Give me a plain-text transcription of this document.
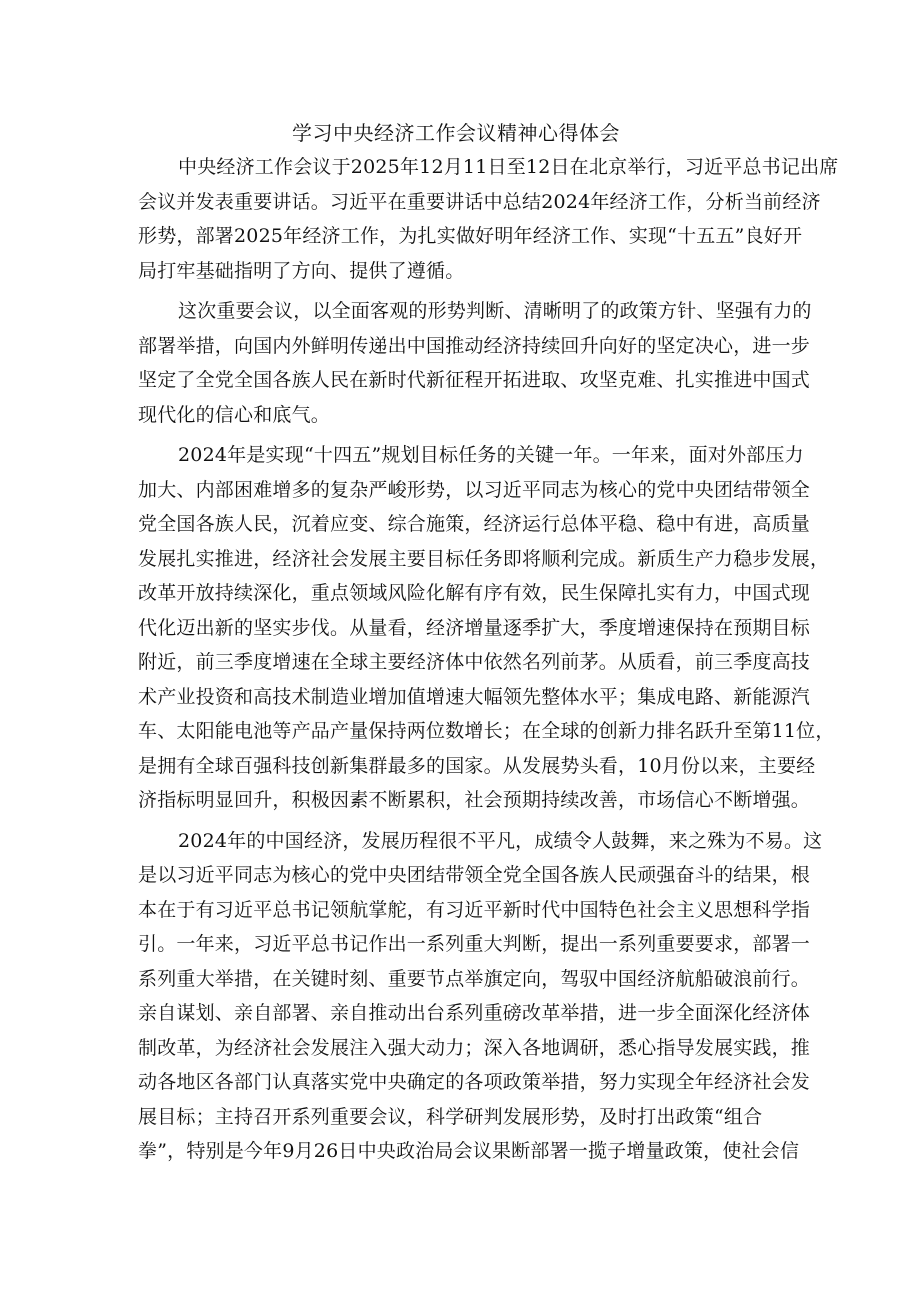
学习中央经济工作会议精神心得体会

中央经济工作会议于2025年12月11日至12日在北京举行，习近平总书记出席
会议并发表重要讲话。习近平在重要讲话中总结2024年经济工作，分析当前经济
形势，部署2025年经济工作，为扎实做好明年经济工作、实现“十五五”良好开
局打牢基础指明了方向、提供了遵循。

这次重要会议，以全面客观的形势判断、清晰明了的政策方针、坚强有力的
部署举措，向国内外鲜明传递出中国推动经济持续回升向好的坚定决心，进一步
坚定了全党全国各族人民在新时代新征程开拓进取、攻坚克难、扎实推进中国式
现代化的信心和底气。

2024年是实现“十四五”规划目标任务的关键一年。一年来，面对外部压力
加大、内部困难增多的复杂严峻形势，以习近平同志为核心的党中央团结带领全
党全国各族人民，沉着应变、综合施策，经济运行总体平稳、稳中有进，高质量
发展扎实推进，经济社会发展主要目标任务即将顺利完成。新质生产力稳步发展，
改革开放持续深化，重点领域风险化解有序有效，民生保障扎实有力，中国式现
代化迈出新的坚实步伐。从量看，经济增量逐季扩大，季度增速保持在预期目标
附近，前三季度增速在全球主要经济体中依然名列前茅。从质看，前三季度高技
术产业投资和高技术制造业增加值增速大幅领先整体水平；集成电路、新能源汽
车、太阳能电池等产品产量保持两位数增长；在全球的创新力排名跃升至第11位，
是拥有全球百强科技创新集群最多的国家。从发展势头看，10月份以来，主要经
济指标明显回升，积极因素不断累积，社会预期持续改善，市场信心不断增强。

2024年的中国经济，发展历程很不平凡，成绩令人鼓舞，来之殊为不易。这
是以习近平同志为核心的党中央团结带领全党全国各族人民顽强奋斗的结果，根
本在于有习近平总书记领航掌舵，有习近平新时代中国特色社会主义思想科学指
引。一年来，习近平总书记作出一系列重大判断，提出一系列重要要求，部署一
系列重大举措，在关键时刻、重要节点举旗定向，驾驭中国经济航船破浪前行。
亲自谋划、亲自部署、亲自推动出台系列重磅改革举措，进一步全面深化经济体
制改革，为经济社会发展注入强大动力；深入各地调研，悉心指导发展实践，推
动各地区各部门认真落实党中央确定的各项政策举措，努力实现全年经济社会发
展目标；主持召开系列重要会议，科学研判发展形势，及时打出政策“组合
拳”，特别是今年9月26日中央政治局会议果断部署一揽子增量政策，使社会信
